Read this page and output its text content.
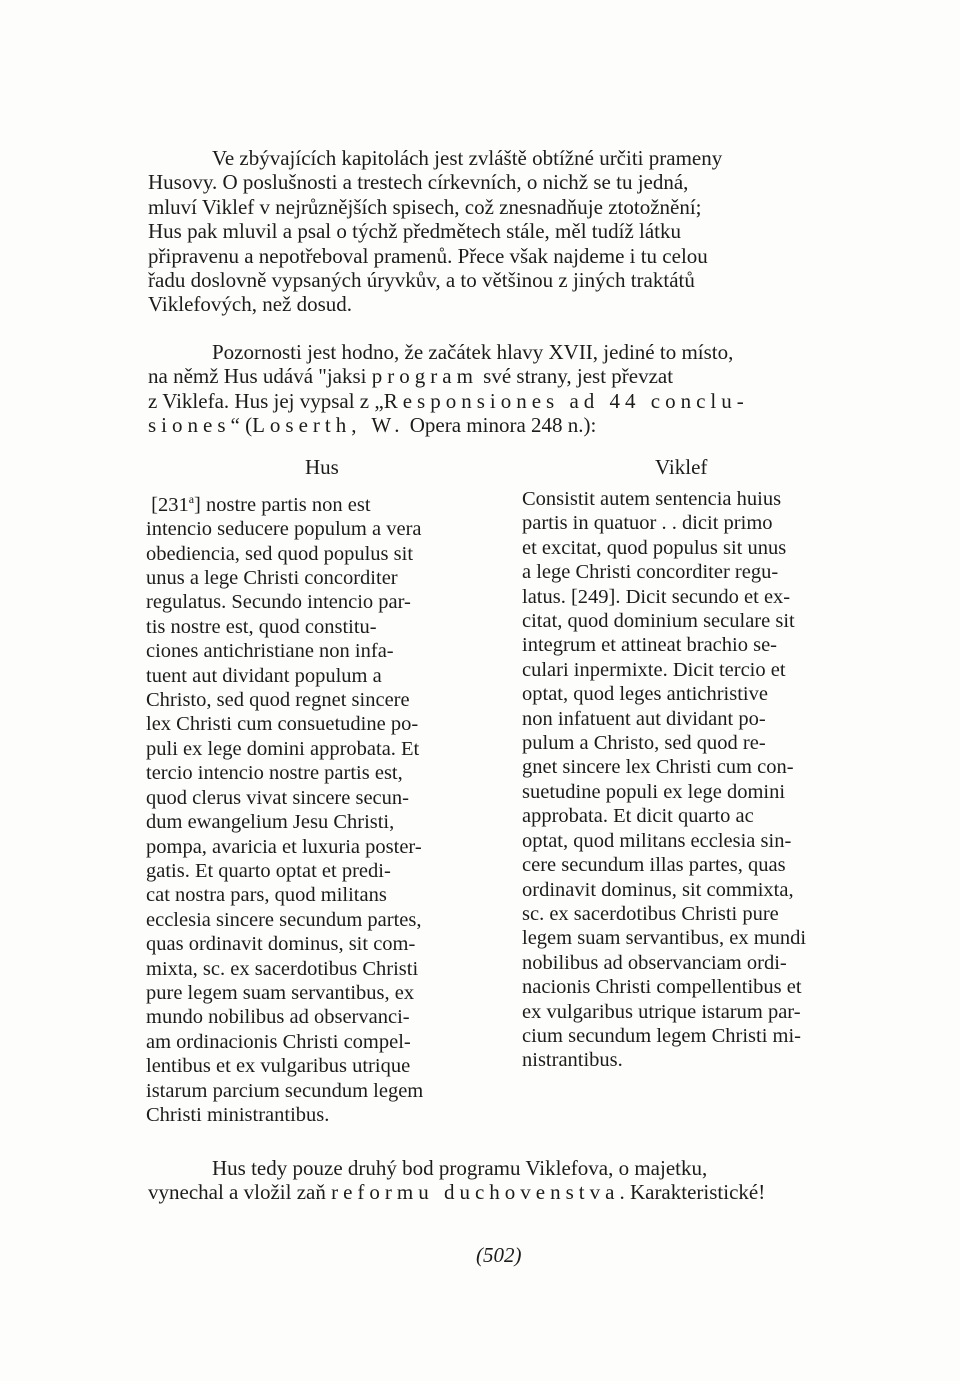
Ve zbývajících kapitolách jest zvláště obtížné určiti prameny
Husovy. O poslušnosti a trestech církevních, o nichž se tu jedná,
mluví Viklef v nejrůznějších spisech, což znesnadňuje ztotožnění;
Hus pak mluvil a psal o týchž předmětech stále, měl tudíž látku
připravenu a nepotřeboval pramenů. Přece však najdeme i tu celou
řadu doslovně vypsaných úryvkův, a to většinou z jiných traktátů
Viklefových, než dosud.
Pozornosti jest hodno, že začátek hlavy XVII, jediné to místo,
na němž Hus udává "jaksi program své strany, jest převzat
z Viklefa. Hus jej vypsal z „Responsiones ad 44 conclu-
siones“ (Loserth, W. Opera minora 248 n.):
Hus	Viklef
[231$^a$] nostre partis non est
intencio seducere populum a vera
obediencia, sed quod populus sit
unus a lege Christi concorditer
regulatus. Secundo intencio par-
tis nostre est, quod constitu-
ciones antichristiane non infa-
tuent aut dividant populum a
Christo, sed quod regnet sincere
lex Christi cum consuetudine po-
puli ex lege domini approbata. Et
tercio intencio nostre partis est,
quod clerus vivat sincere secun-
dum ewangelium Jesu Christi,
pompa, avaricia et luxuria poster-
gatis. Et quarto optat et predi-
cat nostra pars, quod militans
ecclesia sincere secundum partes,
quas ordinavit dominus, sit com-
mixta, sc. ex sacerdotibus Christi
pure legem suam servantibus, ex
mundo nobilibus ad observanci-
am ordinacionis Christi compel-
lentibus et ex vulgaribus utrique
istarum parcium secundum legem
Christi ministrantibus.
Consistit autem sentencia huius
partis in quatuor . . dicit primo
et excitat, quod populus sit unus
a lege Christi concorditer regu-
latus. [249]. Dicit secundo et ex-
citat, quod dominium seculare sit
integrum et attineat brachio se-
culari inpermixte. Dicit tercio et
optat, quod leges antichristive
non infatuent aut dividant po-
pulum a Christo, sed quod re-
gnet sincere lex Christi cum con-
suetudine populi ex lege domini
approbata. Et dicit quarto ac
optat, quod militans ecclesia sin-
cere secundum illas partes, quas
ordinavit dominus, sit commixta,
sc. ex sacerdotibus Christi pure
legem suam servantibus, ex mundi
nobilibus ad observanciam ordi-
nacionis Christi compellentibus et
ex vulgaribus utrique istarum par-
cium secundum legem Christi mi-
nistrantibus.
Hus tedy pouze druhý bod programu Viklefova, o majetku,
vynechal a vložil zaň reformu duchovenstva. Karakteristické!
(502)
